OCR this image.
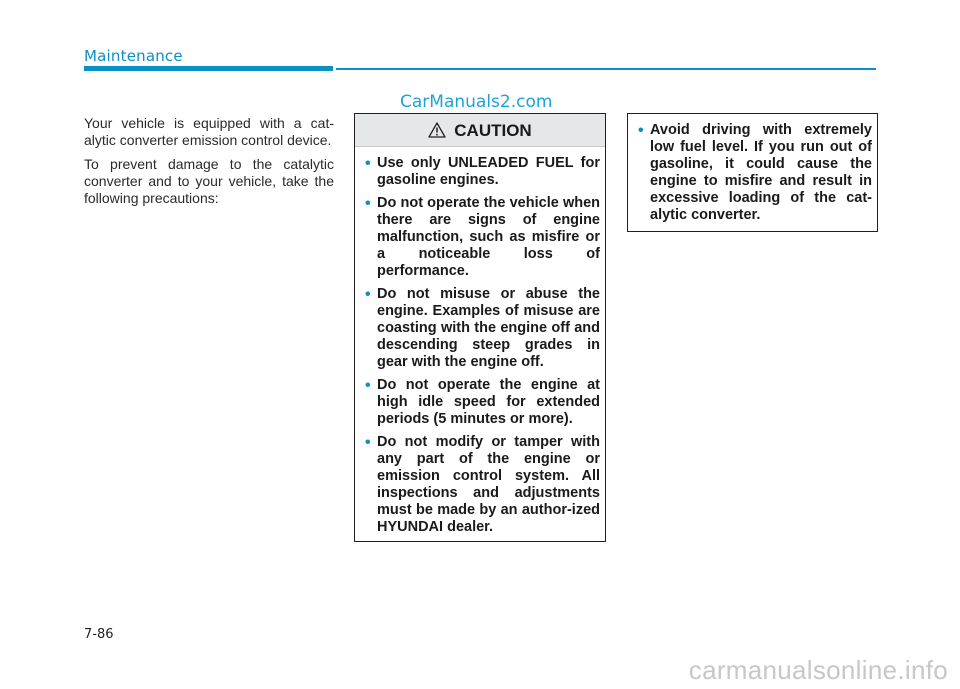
Maintenance
CarManuals2.com

Your vehicle is equipped with a cat-alytic converter emission control device.

To prevent damage to the catalytic converter and to your vehicle, take the following precautions:

CAUTION
• Use only UNLEADED FUEL for gasoline engines.
• Do not operate the vehicle when there are signs of engine malfunction, such as misfire or a noticeable loss of performance.
• Do not misuse or abuse the engine. Examples of misuse are coasting with the engine off and descending steep grades in gear with the engine off.
• Do not operate the engine at high idle speed for extended periods (5 minutes or more).
• Do not modify or tamper with any part of the engine or emission control system. All inspections and adjustments must be made by an author-ized HYUNDAI dealer.
• Avoid driving with extremely low fuel level. If you run out of gasoline, it could cause the engine to misfire and result in excessive loading of the cat-alytic converter.
7-86
carmanualsonline.info
